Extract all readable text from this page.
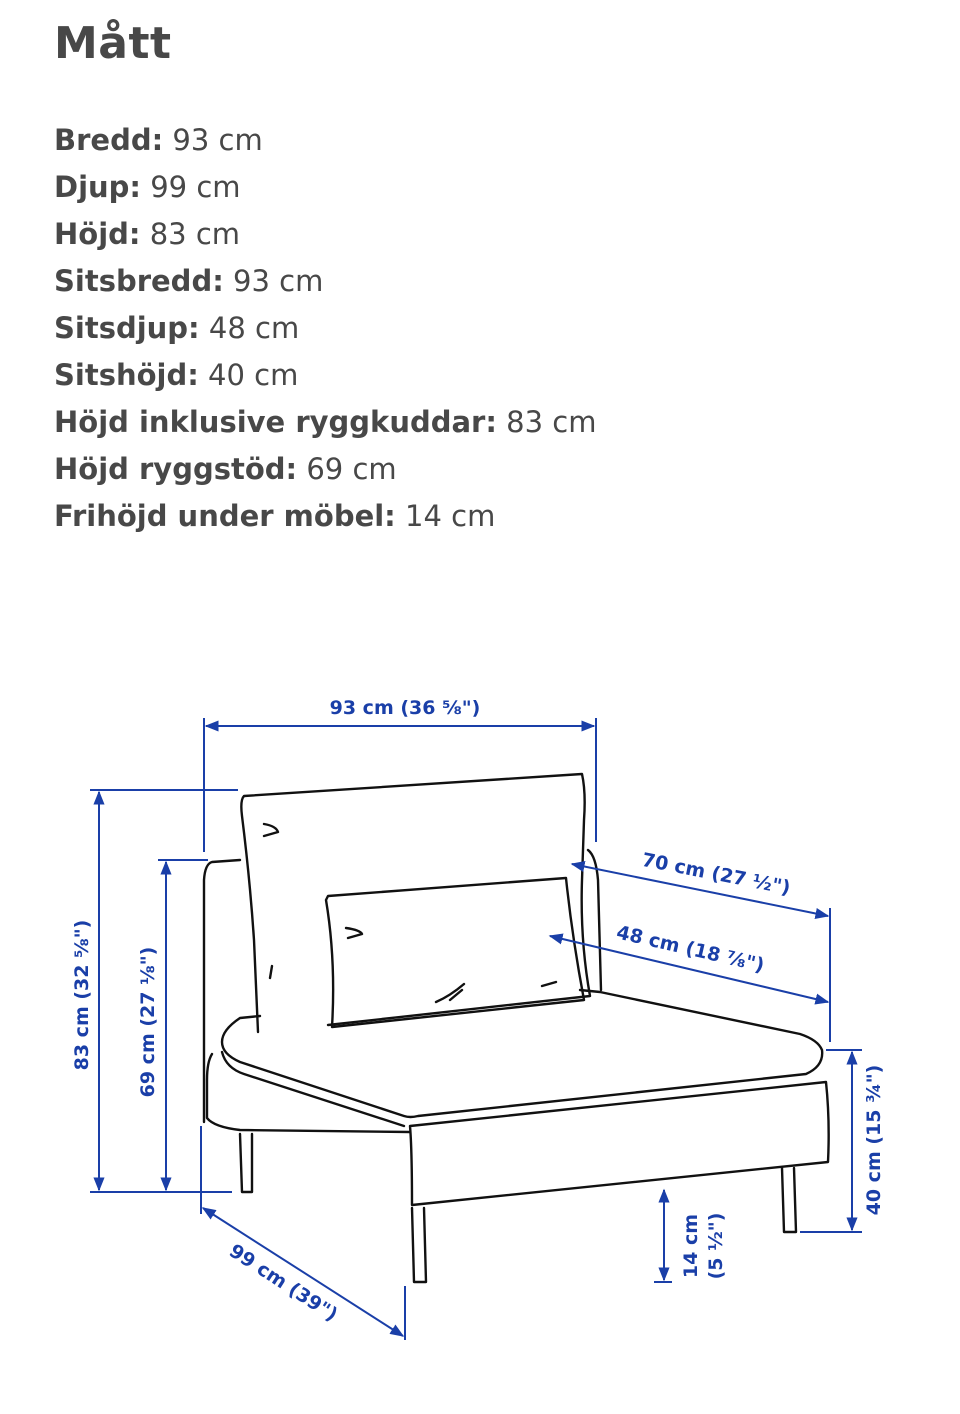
Mått
Bredd: 93 cm
Djup: 99 cm
Höjd: 83 cm
Sitsbredd: 93 cm
Sitsdjup: 48 cm
Sitshöjd: 40 cm
Höjd inklusive ryggkuddar: 83 cm
Höjd ryggstöd: 69 cm
Frihöjd under möbel: 14 cm
93 cm (36 ⅝")
83 cm (32 ⅝") 69 cm (27 ⅛")
99 cm (39")
70 cm (27 ½")
48 cm (18 ⅞")
40 cm (15 ¾")
14 cm (5 ½")
